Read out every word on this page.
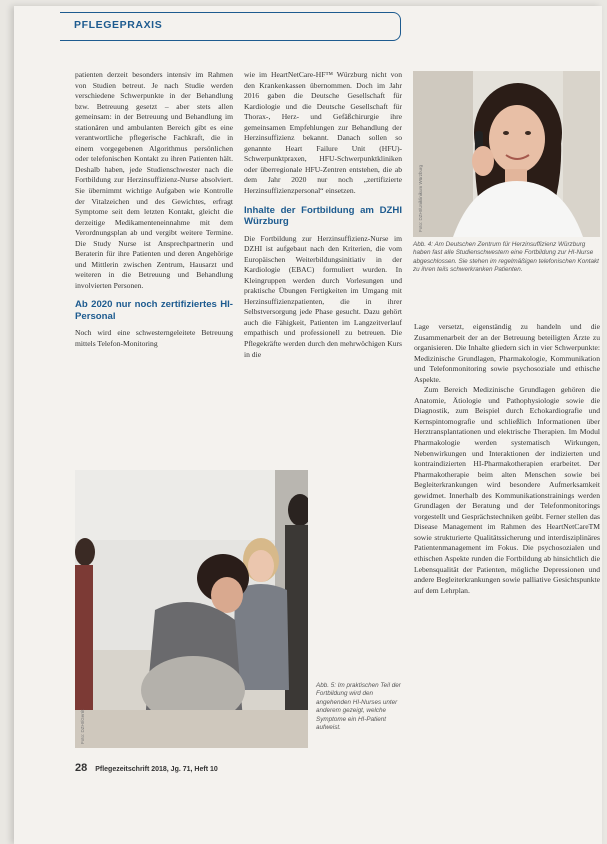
PFLEGEPRAXIS

patienten derzeit besonders intensiv im Rahmen von Studien betreut. Je nach Studie werden verschiedene Schwerpunkte in der Behandlung bzw. Betreuung gesetzt – aber stets allen gemeinsam: in der Betreuung und Behandlung im stationären und ambulanten Bereich gibt es eine verantwortliche pflegerische Fachkraft, die in einem vorgegebenen Algorithmus persönlichen oder telefonischen Kontakt zu ihren Patienten hält. Deshalb haben, jede Studienschwester nach die Fortbildung zur Herzinsuffizienz-Nurse absolviert. Sie übernimmt wichtige Aufgaben wie Kontrolle der Vitalzeichen und des Gewichtes, erfragt Symptome seit dem letzten Kontakt, gleicht die derzeitige Medikamenteneinnahme mit dem Verordnungsplan ab und vergibt weitere Termine. Die Study Nurse ist Ansprechpartnerin und Beraterin für ihre Patienten und deren Angehörige und Mittlerin zwischen Zentrum, Hausarzt und weiteren in die Betreuung und Behandlung involvierten Personen.

Ab 2020 nur noch zertifiziertes HI-Personal

Noch wird eine schwesterngeleitete Betreuung mittels Telefon-Monitoring

wie im HeartNetCare-HF™ Würzburg nicht von den Krankenkassen übernommen. Doch im Jahr 2016 gaben die Deutsche Gesellschaft für Kardiologie und die Deutsche Gesellschaft für Thorax-, Herz- und Gefäßchirurgie ihre gemeinsamen Empfehlungen zur Behandlung der Herzinsuffizienz bekannt. Danach sollen so genannte Heart Failure Unit (HFU)-Schwerpunktpraxen, HFU-Schwerpunktkliniken oder überregionale HFU-Zentren entstehen, die ab dem Jahr 2020 nur noch „zertifizierte Herzinsuffizienzpersonal“ einsetzen.

Inhalte der Fortbildung am DZHI Würzburg

Die Fortbildung zur Herzinsuffizienz-Nurse im DZHI ist aufgebaut nach den Kriterien, die vom Europäischen Weiterbildungsinitiativ in der Kardiologie (EBAC) formuliert wurden. In Kleingruppen werden durch Vorlesungen und praktische Übungen Fertigkeiten im Umgang mit Herzinsuffizienzpatienten, die in ihrer Selbstversorgung jede Phase gesucht. Dazu gehört auch die Fähigkeit, Patienten im Langzeitverlauf empathisch und professionell zu betreuen. Die Pflegekräfte werden durch den mehrwöchigen Kurs in die

Foto: DZHI/Uniklinikum Würzburg
Abb. 4: Am Deutschen Zentrum für Herzinsuffizienz Würzburg haben fast alle Studienschwestern eine Fortbildung zur HI-Nurse abgeschlossen. Sie stehen im regelmäßigen telefonischen Kontakt zu ihren teils schwerkranken Patienten.
Foto: DZHI/Gerrit
Abb. 5: Im praktischen Teil der Fortbildung wird den angehenden HI-Nurses unter anderem gezeigt, welche Symptome ein HI-Patient aufweist.

Lage versetzt, eigenständig zu handeln und die Zusammenarbeit der an der Betreuung beteiligten Ärzte zu organisieren. Die Inhalte gliedern sich in vier Schwerpunkte: Medizinische Grundlagen, Pharmakologie, Kommunikation und Telefonmonitoring sowie psychosoziale und ethische Aspekte.

Zum Bereich Medizinische Grundlagen gehören die Anatomie, Ätiologie und Pathophysiologie sowie die Diagnostik, zum Beispiel durch Echokardiografie und Kernspintomografie und schließlich Informationen über Herztransplantationen und elektrische Therapien. Im Modul Pharmakologie werden systematisch Wirkungen, Nebenwirkungen und Interaktionen der indizierten und kontraindizierten HI-Pharmakotherapien erarbeitet. Der Pharmakotherapie beim alten Menschen sowie bei Begleiterkrankungen wird besondere Aufmerksamkeit gewidmet. Innerhalb des Kommunikationstrainings werden Grundlagen der Beratung und der Telefonmonitorings vorgestellt und Gesprächstechniken geübt. Ferner stellen das Disease Management im Rahmen des HeartNetCareTM sowie strukturierte Qualitätssicherung und interdisziplinäres Patientenmanagement im Fokus. Die psychosozialen und ethischen Aspekte runden die Fortbildung ab hinsichtlich die Lebensqualität der Patienten, mögliche Depressionen und andere Begleiterkrankungen sowie palliative Gesichtspunkte auf dem Lehrplan.

28 Pflegezeitschrift 2018, Jg. 71, Heft 10
